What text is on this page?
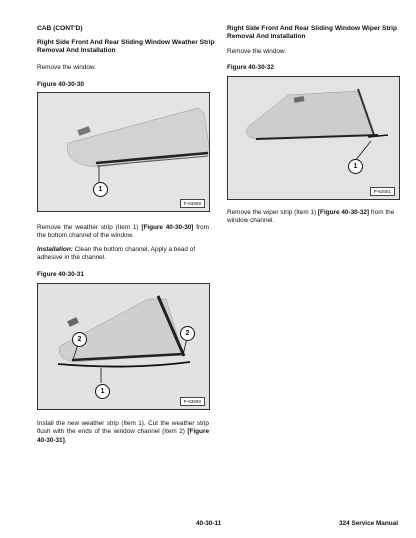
CAB (CONT'D)
Right Side Front And Rear Sliding Window Weather Strip Removal And Installation
Remove the window.
Figure 40-30-30
1
P-63659
Remove the weather strip (Item 1) [Figure 40-30-30] from the bottom channel of the window.
Installation: Clean the bottom channel. Apply a bead of adhesive in the channel.
Figure 40-30-31
2
2
1
P-63660
Install the new weather strip (Item 1). Cut the weather strip flush with the ends of the window channel (Item 2) [Figure 40-30-31].
Right Side Front And Rear Sliding Window Wiper Strip Removal And Installation
Remove the window.
Figure 40-30-32
1
P-63661
Remove the wiper strip (Item 1) [Figure 40-30-32] from the window channel.
40-30-11	324 Service Manual
